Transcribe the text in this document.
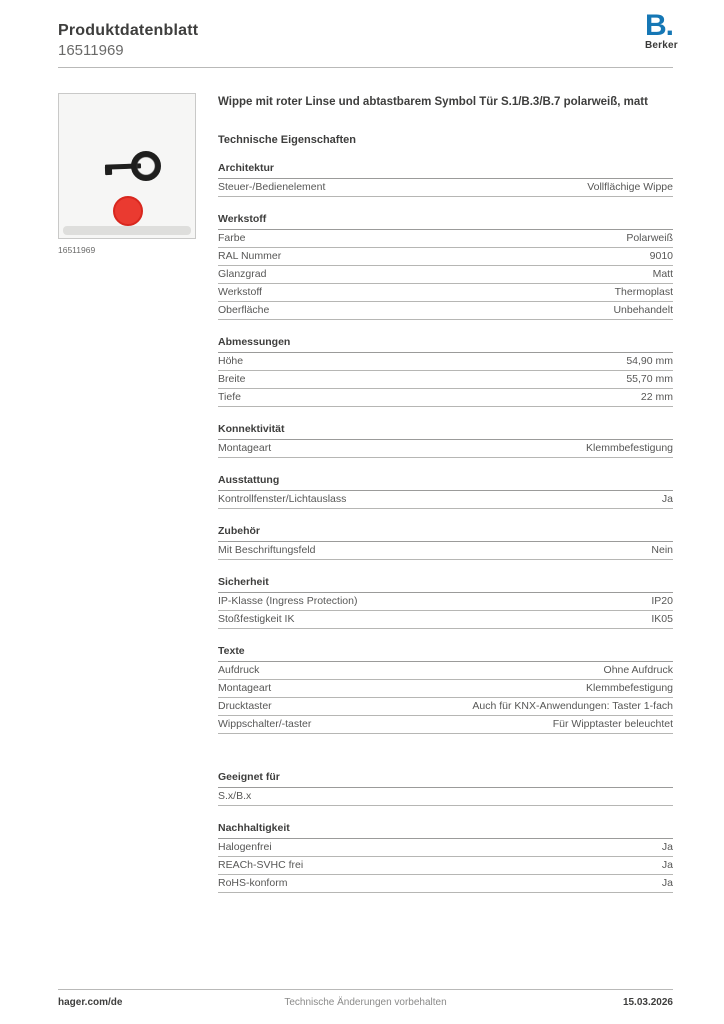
Produktdatenblatt
16511969
B.
Berker
16511969
Wippe mit roter Linse und abtastbarem Symbol Tür S.1/B.3/B.7 polarweiß, matt
Technische Eigenschaften
Architektur
Steuer-/Bedienelement	Vollflächige Wippe
Werkstoff
Farbe	Polarweiß
RAL Nummer	9010
Glanzgrad	Matt
Werkstoff	Thermoplast
Oberfläche	Unbehandelt
Abmessungen
Höhe	54,90 mm
Breite	55,70 mm
Tiefe	22 mm
Konnektivität
Montageart	Klemmbefestigung
Ausstattung
Kontrollfenster/Lichtauslass	Ja
Zubehör
Mit Beschriftungsfeld	Nein
Sicherheit
IP-Klasse (Ingress Protection)	IP20
Stoßfestigkeit IK	IK05
Texte
Aufdruck	Ohne Aufdruck
Montageart	Klemmbefestigung
Drucktaster	Auch für KNX-Anwendungen: Taster 1-fach
Wippschalter/-taster	Für Wipptaster beleuchtet
Geeignet für
S.x/B.x
Nachhaltigkeit
Halogenfrei	Ja
REACh-SVHC frei	Ja
RoHS-konform	Ja
hager.com/de	Technische Änderungen vorbehalten	15.03.2026
